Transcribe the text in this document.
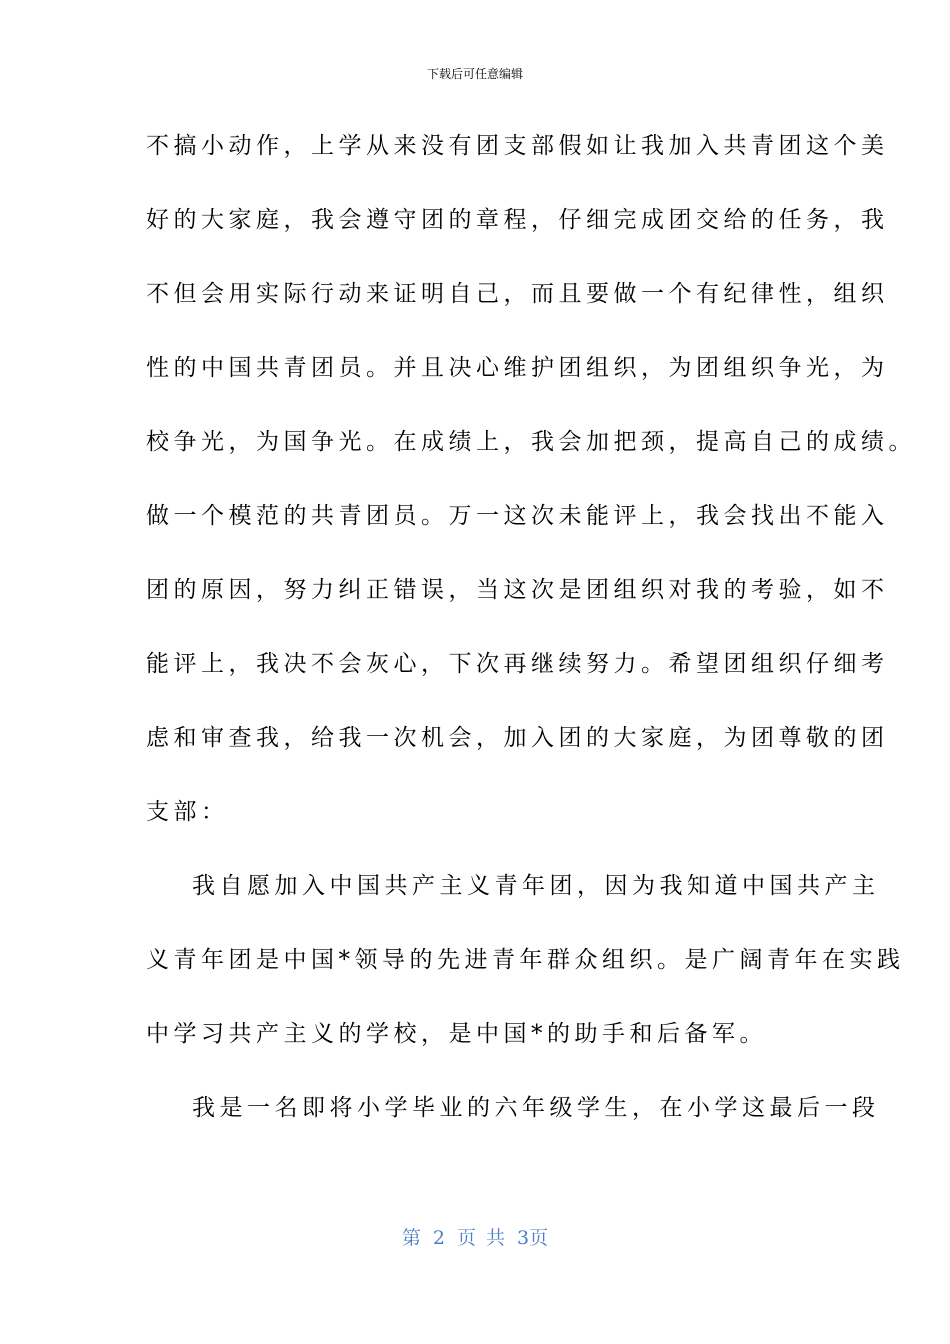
下载后可任意编辑
不搞小动作，上学从来没有团支部假如让我加入共青团这个美
好的大家庭，我会遵守团的章程，仔细完成团交给的任务，我
不但会用实际行动来证明自己，而且要做一个有纪律性，组织
性的中国共青团员。并且决心维护团组织，为团组织争光，为
校争光，为国争光。在成绩上，我会加把颈，提高自己的成绩。
做一个模范的共青团员。万一这次未能评上，我会找出不能入
团的原因，努力纠正错误，当这次是团组织对我的考验，如不
能评上，我决不会灰心，下次再继续努力。希望团组织仔细考
虑和审查我，给我一次机会，加入团的大家庭，为团尊敬的团
支部：
我自愿加入中国共产主义青年团，因为我知道中国共产主
义青年团是中国*领导的先进青年群众组织。是广阔青年在实践
中学习共产主义的学校，是中国*的助手和后备军。
我是一名即将小学毕业的六年级学生，在小学这最后一段
第 2 页 共 3页
